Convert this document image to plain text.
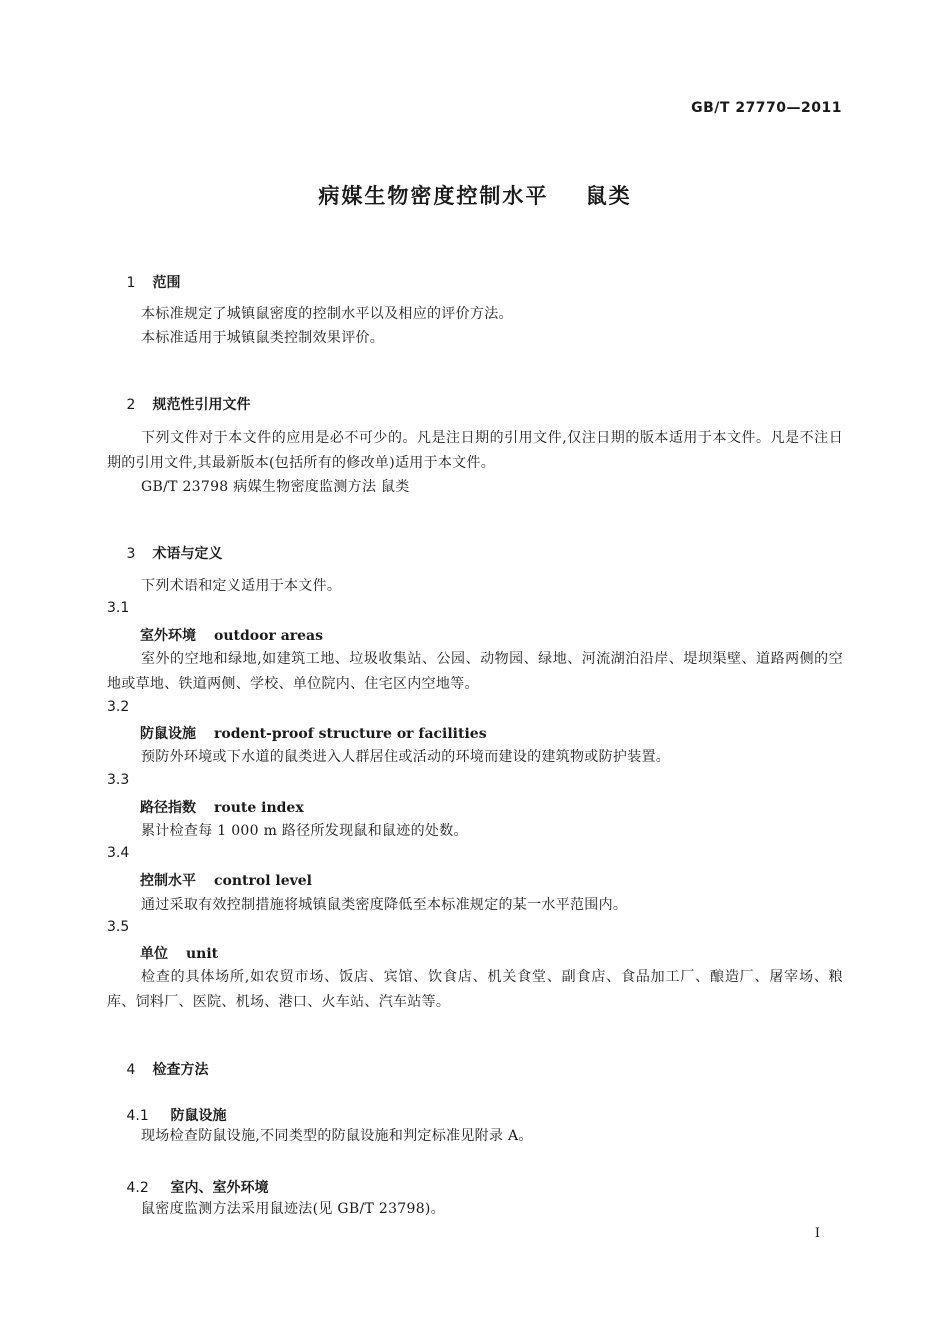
GB/T 27770—2011
病媒生物密度控制水平    鼠类

1 范围

本标准规定了城镇鼠密度的控制水平以及相应的评价方法。
本标准适用于城镇鼠类控制效果评价。

2 规范性引用文件

下列文件对于本文件的应用是必不可少的。凡是注日期的引用文件,仅注日期的版本适用于本文件。凡是不注日期的引用文件,其最新版本(包括所有的修改单)适用于本文件。
GB/T 23798 病媒生物密度监测方法 鼠类

3 术语与定义

下列术语和定义适用于本文件。
3.1
室外环境 outdoor areas
室外的空地和绿地,如建筑工地、垃圾收集站、公园、动物园、绿地、河流湖泊沿岸、堤坝渠壁、道路两侧的空地或草地、铁道两侧、学校、单位院内、住宅区内空地等。
3.2
防鼠设施 rodent-proof structure or facilities
预防外环境或下水道的鼠类进入人群居住或活动的环境而建设的建筑物或防护装置。
3.3
路径指数 route index
累计检查每 1 000 m 路径所发现鼠和鼠迹的处数。
3.4
控制水平 control level
通过采取有效控制措施将城镇鼠类密度降低至本标准规定的某一水平范围内。
3.5
单位 unit
检查的具体场所,如农贸市场、饭店、宾馆、饮食店、机关食堂、副食店、食品加工厂、酿造厂、屠宰场、粮库、饲料厂、医院、机场、港口、火车站、汽车站等。

4 检查方法

4.1 防鼠设施

现场检查防鼠设施,不同类型的防鼠设施和判定标准见附录 A。

4.2 室内、室外环境

鼠密度监测方法采用鼠迹法(见 GB/T 23798)。
I
